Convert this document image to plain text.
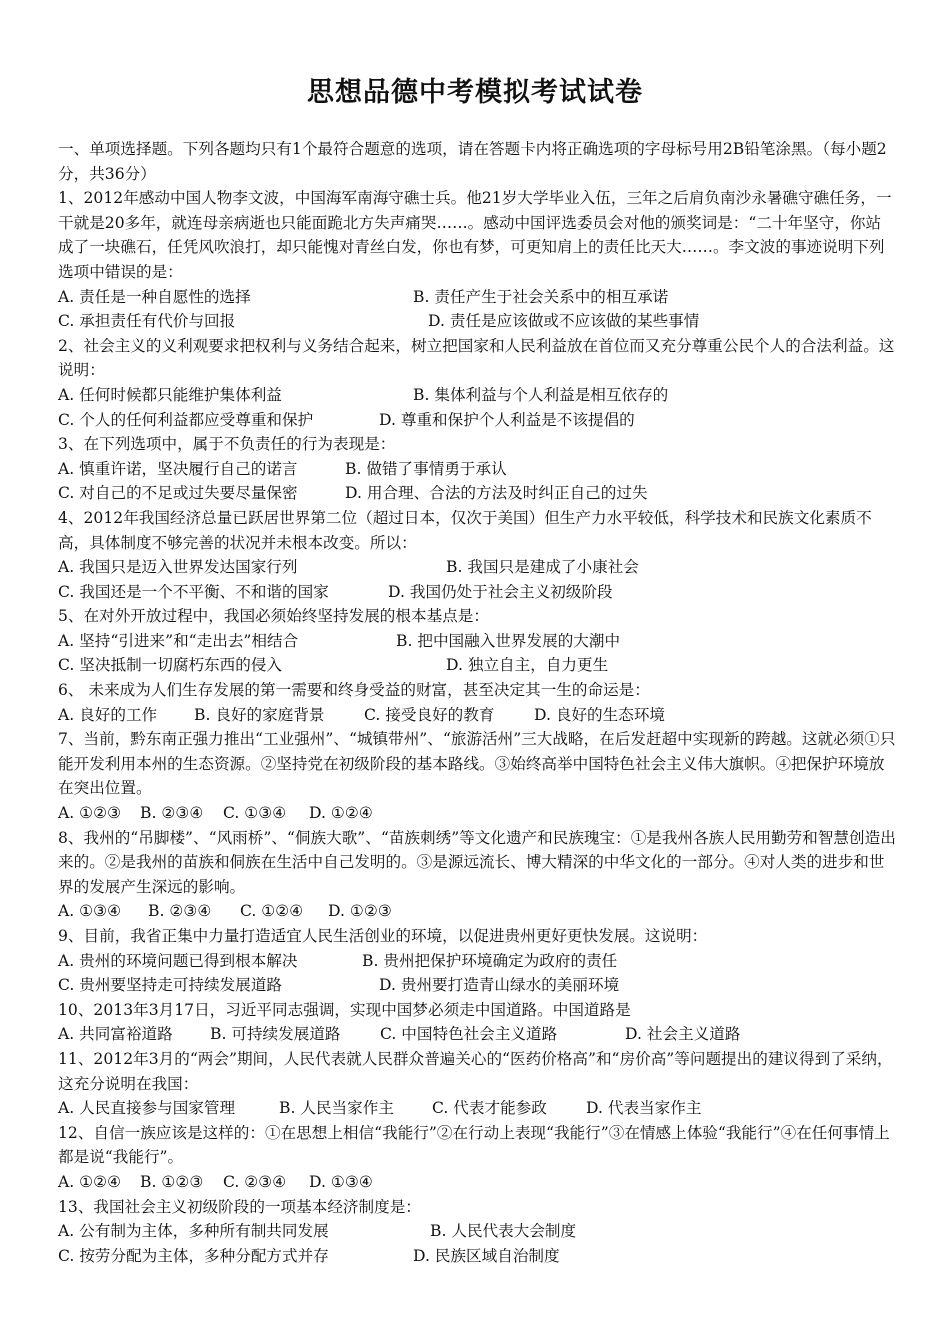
思想品德中考模拟考试试卷

一、单项选择题。下列各题均只有1个最符合题意的选项，请在答题卡内将正确选项的字母标号用2B铅笔涂黑。（每小题2分，共36分）

1、2012年感动中国人物李文波，中国海军南海守礁士兵。他21岁大学毕业入伍，三年之后肩负南沙永暑礁守礁任务，一干就是20多年，就连母亲病逝也只能面跪北方失声痛哭……。感动中国评选委员会对他的颁奖词是：“二十年坚守，你站成了一块礁石，任凭风吹浪打，却只能愧对青丝白发，你也有梦，可更知肩上的责任比天大……。李文波的事迹说明下列选项中错误的是：

A. 责任是一种自愿性的选择	B. 责任产生于社会关系中的相互承诺
C. 承担责任有代价与回报	D. 责任是应该做或不应该做的某些事情

2、社会主义的义利观要求把权利与义务结合起来，树立把国家和人民利益放在首位而又充分尊重公民个人的合法利益。这说明：

A. 任何时候都只能维护集体利益	B. 集体利益与个人利益是相互依存的
C. 个人的任何利益都应受尊重和保护	D. 尊重和保护个人利益是不该提倡的

3、在下列选项中，属于不负责任的行为表现是：

A. 慎重许诺，坚决履行自己的诺言	B. 做错了事情勇于承认
C. 对自己的不足或过失要尽量保密	D. 用合理、合法的方法及时纠正自己的过失

4、2012年我国经济总量已跃居世界第二位（超过日本，仅次于美国）但生产力水平较低，科学技术和民族文化素质不高，具体制度不够完善的状况并未根本改变。所以：

A. 我国只是迈入世界发达国家行列	B. 我国只是建成了小康社会
C. 我国还是一个不平衡、不和谐的国家	D. 我国仍处于社会主义初级阶段

5、在对外开放过程中，我国必须始终坚持发展的根本基点是：

A. 坚持“引进来”和“走出去”相结合	B. 把中国融入世界发展的大潮中
C. 坚决抵制一切腐朽东西的侵入	D. 独立自主，自力更生

6、 未来成为人们生存发展的第一需要和终身受益的财富，甚至决定其一生的命运是：

A. 良好的工作	B. 良好的家庭背景	C. 接受良好的教育	D. 良好的生态环境

7、当前，黔东南正强力推出“工业强州”、“城镇带州”、“旅游活州”三大战略，在后发赶超中实现新的跨越。这就必须①只能开发利用本州的生态资源。②坚持党在初级阶段的基本路线。③始终高举中国特色社会主义伟大旗帜。④把保护环境放在突出位置。

A. ①②③	B. ②③④	C. ①③④	D. ①②④

8、我州的“吊脚楼”、“风雨桥”、“侗族大歌”、“苗族刺绣”等文化遗产和民族瑰宝：①是我州各族人民用勤劳和智慧创造出来的。②是我州的苗族和侗族在生活中自己发明的。③是源远流长、博大精深的中华文化的一部分。④对人类的进步和世界的发展产生深远的影响。

A. ①③④	B. ②③④	C. ①②④	D. ①②③

9、目前，我省正集中力量打造适宜人民生活创业的环境，以促进贵州更好更快发展。这说明：

A. 贵州的环境问题已得到根本解决	B. 贵州把保护环境确定为政府的责任
C. 贵州要坚持走可持续发展道路	D. 贵州要打造青山绿水的美丽环境

10、2013年3月17日，习近平同志强调，实现中国梦必须走中国道路。中国道路是

A. 共同富裕道路	B. 可持续发展道路	C. 中国特色社会主义道路	D. 社会主义道路

11、2012年3月的“两会”期间，人民代表就人民群众普遍关心的“医药价格高”和“房价高”等问题提出的建议得到了采纳，这充分说明在我国：

A. 人民直接参与国家管理	B. 人民当家作主	C. 代表才能参政	D. 代表当家作主

12、自信一族应该是这样的：①在思想上相信“我能行”②在行动上表现“我能行”③在情感上体验“我能行”④在任何事情上都是说“我能行”。

A. ①②④	B. ①②③	C. ②③④	D. ①③④

13、我国社会主义初级阶段的一项基本经济制度是：

A. 公有制为主体，多种所有制共同发展	B. 人民代表大会制度
C. 按劳分配为主体，多种分配方式并存	D. 民族区域自治制度
